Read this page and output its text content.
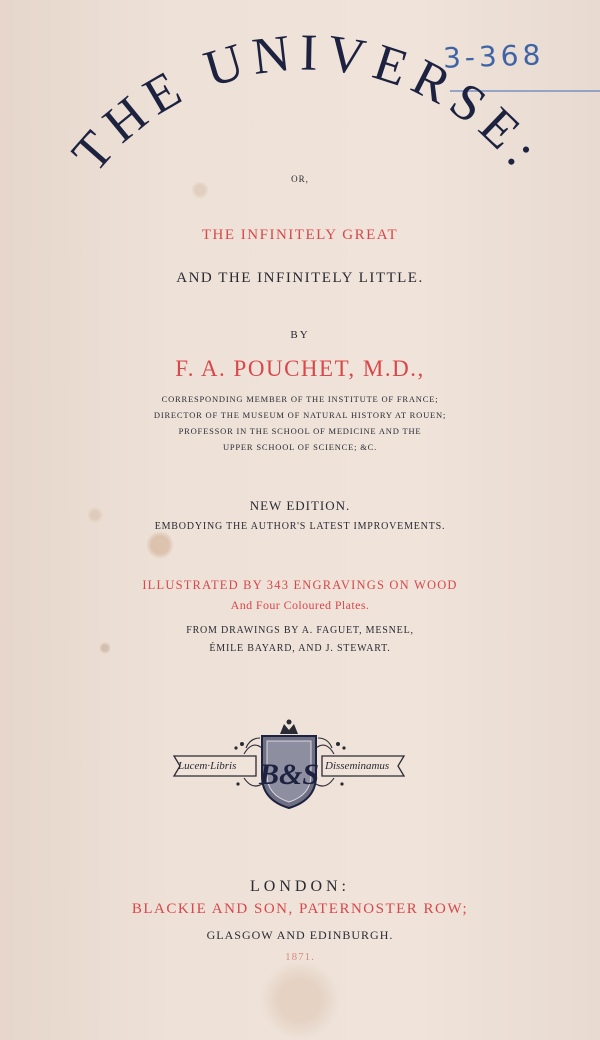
3-368
THE UNIVERSE:
OR,
THE INFINITELY GREAT
AND THE INFINITELY LITTLE.
BY
F. A. POUCHET, M.D.,
CORRESPONDING MEMBER OF THE INSTITUTE OF FRANCE;
DIRECTOR OF THE MUSEUM OF NATURAL HISTORY AT ROUEN;
PROFESSOR IN THE SCHOOL OF MEDICINE AND THE
UPPER SCHOOL OF SCIENCE; &C.
NEW EDITION.
EMBODYING THE AUTHOR'S LATEST IMPROVEMENTS.
ILLUSTRATED BY 343 ENGRAVINGS ON WOOD
And Four Coloured Plates.
FROM DRAWINGS BY A. FAGUET, MESNEL,
ÉMILE BAYARD, AND J. STEWART.
B&S
Lucem·Libris	Disseminamus
LONDON:
BLACKIE AND SON, PATERNOSTER ROW;
GLASGOW AND EDINBURGH.
1871.
